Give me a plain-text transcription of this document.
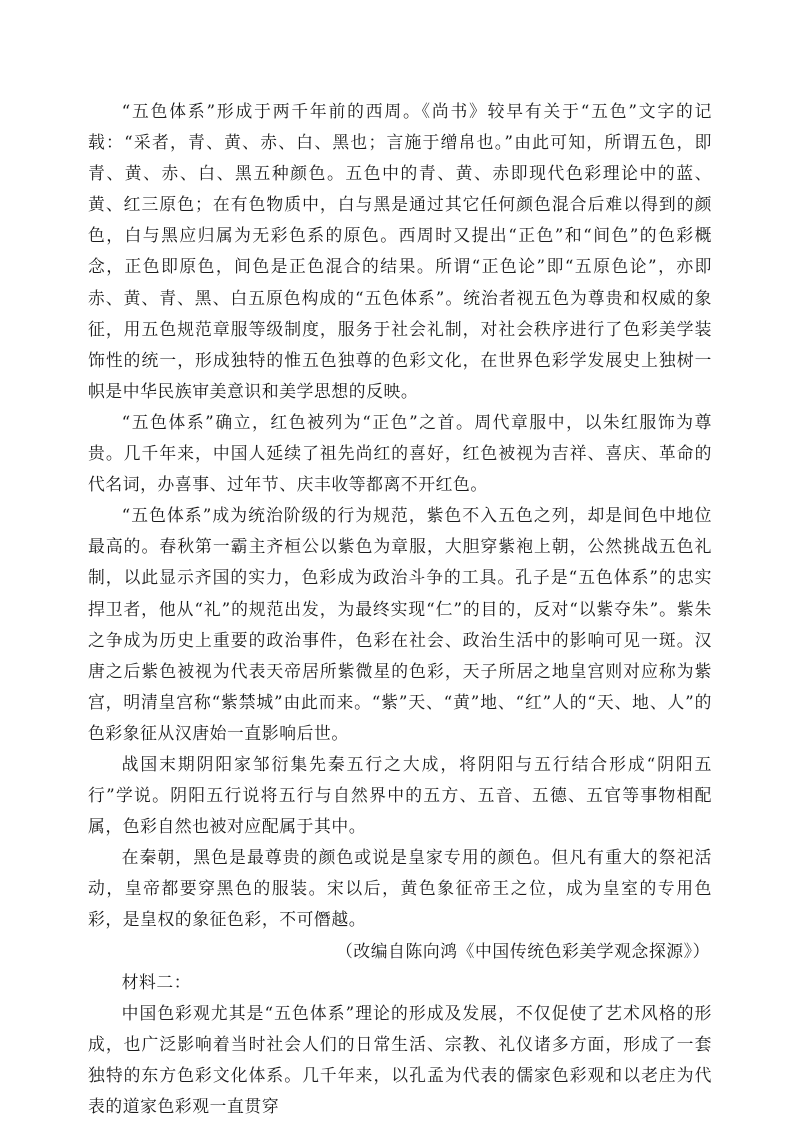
“五色体系”形成于两千年前的西周。《尚书》较早有关于“五色”文字的记载：“采者，青、黄、赤、白、黑也；言施于缯帛也。”由此可知，所谓五色，即青、黄、赤、白、黑五种颜色。五色中的青、黄、赤即现代色彩理论中的蓝、黄、红三原色；在有色物质中，白与黑是通过其它任何颜色混合后难以得到的颜色，白与黑应归属为无彩色系的原色。西周时又提出“正色”和“间色”的色彩概念，正色即原色，间色是正色混合的结果。所谓“正色论”即“五原色论”，亦即赤、黄、青、黑、白五原色构成的“五色体系”。统治者视五色为尊贵和权威的象征，用五色规范章服等级制度，服务于社会礼制，对社会秩序进行了色彩美学装饰性的统一，形成独特的惟五色独尊的色彩文化，在世界色彩学发展史上独树一帜是中华民族审美意识和美学思想的反映。

“五色体系”确立，红色被列为“正色”之首。周代章服中，以朱红服饰为尊贵。几千年来，中国人延续了祖先尚红的喜好，红色被视为吉祥、喜庆、革命的代名词，办喜事、过年节、庆丰收等都离不开红色。

“五色体系”成为统治阶级的行为规范，紫色不入五色之列，却是间色中地位最高的。春秋第一霸主齐桓公以紫色为章服，大胆穿紫袍上朝，公然挑战五色礼制，以此显示齐国的实力，色彩成为政治斗争的工具。孔子是“五色体系”的忠实捍卫者，他从“礼”的规范出发，为最终实现“仁”的目的，反对“以紫夺朱”。紫朱之争成为历史上重要的政治事件，色彩在社会、政治生活中的影响可见一斑。汉唐之后紫色被视为代表天帝居所紫微星的色彩，天子所居之地皇宫则对应称为紫宫，明清皇宫称“紫禁城”由此而来。“紫”天、“黄”地、“红”人的“天、地、人”的色彩象征从汉唐始一直影响后世。

战国末期阴阳家邹衍集先秦五行之大成，将阴阳与五行结合形成“阴阳五行”学说。阴阳五行说将五行与自然界中的五方、五音、五德、五官等事物相配属，色彩自然也被对应配属于其中。

在秦朝，黑色是最尊贵的颜色或说是皇家专用的颜色。但凡有重大的祭祀活动，皇帝都要穿黑色的服装。宋以后，黄色象征帝王之位，成为皇室的专用色彩，是皇权的象征色彩，不可僭越。

（改编自陈向鸿《中国传统色彩美学观念探源》）

材料二：

中国色彩观尤其是“五色体系”理论的形成及发展，不仅促使了艺术风格的形成，也广泛影响着当时社会人们的日常生活、宗教、礼仪诸多方面，形成了一套独特的东方色彩文化体系。几千年来，以孔孟为代表的儒家色彩观和以老庄为代表的道家色彩观一直贯穿
